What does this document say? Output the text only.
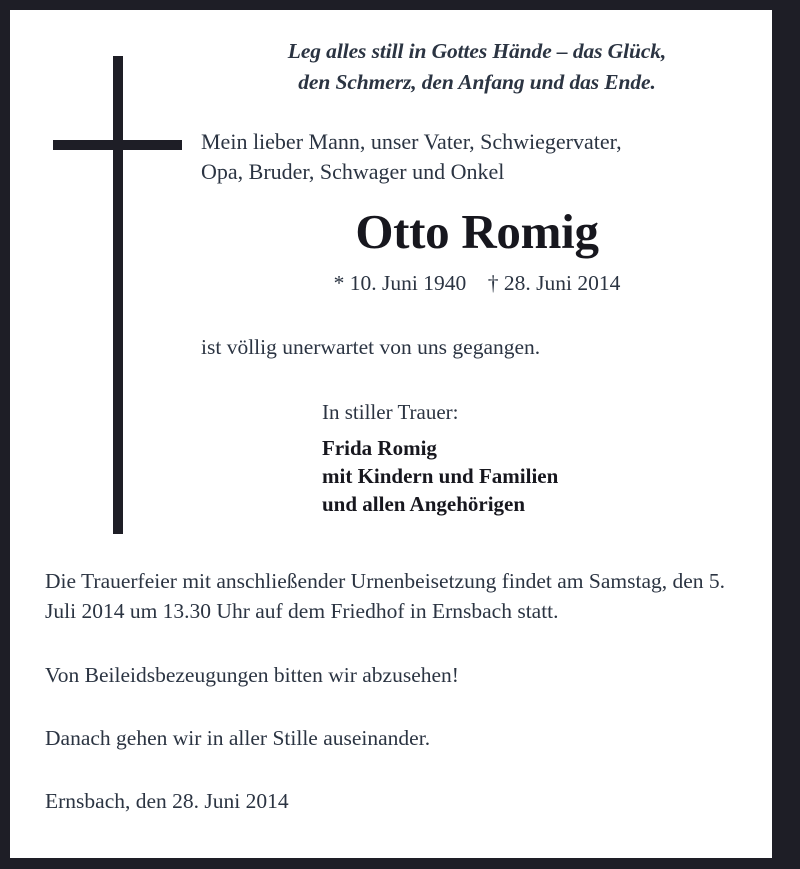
Leg alles still in Gottes Hände – das Glück,
den Schmerz, den Anfang und das Ende.
Mein lieber Mann, unser Vater, Schwiegervater,
Opa, Bruder, Schwager und Onkel
Otto Romig
* 10. Juni 1940    † 28. Juni 2014
ist völlig unerwartet von uns gegangen.
In stiller Trauer:
Frida Romig
mit Kindern und Familien
und allen Angehörigen

Die Trauerfeier mit anschließender Urnenbeisetzung findet am Samstag, den 5. Juli 2014 um 13.30 Uhr auf dem Friedhof in Ernsbach statt.

Von Beileidsbezeugungen bitten wir abzusehen!

Danach gehen wir in aller Stille auseinander.

Ernsbach, den 28. Juni 2014
